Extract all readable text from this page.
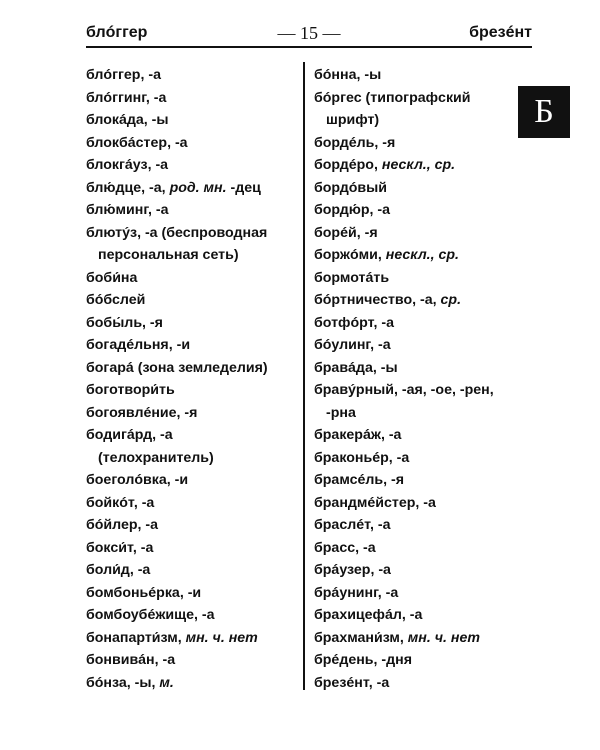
блóггер	— 15 —	брезéнт
блóггер, -а
блóггинг, -а
блокáда, -ы
блокбáстер, -а
блокгáуз, -а
блю́дце, -а, род. мн. -дец
блю́минг, -а
блютýз, -а (беспроводная
персональная сеть)
боби́на
бóбслей
бобы́ль, -я
богадéльня, -и
богарá (зона земледелия)
боготвори́ть
богоявлéние, -я
бодигáрд, -а
(телохранитель)
боеголóвка, -и
бойкóт, -а
бóйлер, -а
бокси́т, -а
боли́д, -а
бомбоньéрка, -и
бомбоубéжище, -а
бонапарти́зм, мн. ч. нет
бонвивáн, -а
бóнза, -ы, м.
бóнна, -ы
бóргес (типографский
шрифт)
бордéль, -я
бордéро, нескл., ср.
бордóвый
бордю́р, -а
борéй, -я
боржóми, нескл., ср.
бормотáть
бóртничество, -а, ср.
ботфóрт, -а
бóулинг, -а
бравáда, -ы
бравýрный, -ая, -ое, -рен,
-рна
бракерáж, -а
браконьéр, -а
брамсéль, -я
брандмéйстер, -а
браслéт, -а
брасс, -а
брáузер, -а
брáунинг, -а
брахицефáл, -а
брахмани́зм, мн. ч. нет
брéдень, -дня
брезéнт, -а
Б
